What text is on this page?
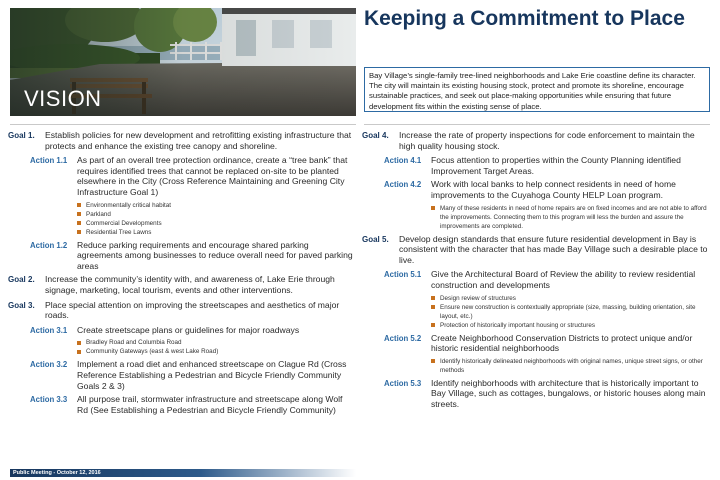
VISION
Keeping a Commitment to Place

Bay Village’s single-family tree-lined neighborhoods and Lake Erie coastline define its character. The city will maintain its existing housing stock, protect and promote its shoreline, encourage sustainable practices, and seek out place-making opportunities while ensuring that future development fits within the existing sense of place.

Goal 1.	Establish policies for new development and retrofitting existing infrastructure that protects and enhance the existing tree canopy and shoreline.
Action 1.1	As part of an overall tree protection ordinance, create a “tree bank” that requires identified trees that cannot be replaced on-site to be planted elsewhere in the City (Cross Reference Maintaining and Greening City Infrastructure Goal 1)
Environmentally critical habitat
Parkland
Commercial Developments
Residential Tree Lawns
Action 1.2	Reduce parking requirements and encourage shared parking agreements among businesses to reduce overall need for paved parking areas
Goal 2.	Increase the community’s identity with, and awareness of, Lake Erie through signage, marketing, local tourism, events and other interventions.
Goal 3.	Place special attention on improving the streetscapes and aesthetics of major roads.
Action 3.1	Create streetscape plans or guidelines for major roadways
Bradley Road and Columbia Road
Community Gateways (east & west Lake Road)
Action 3.2	Implement a road diet and enhanced streetscape on Clague Rd (Cross Reference Establishing a Pedestrian and Bicycle Friendly Community Goals 2 & 3)
Action 3.3	All purpose trail, stormwater infrastructure and streetscape along Wolf Rd (See Establishing a Pedestrian and Bicycle Friendly Community)
Goal 4.	Increase the rate of property inspections for code enforcement to maintain the high quality housing stock.
Action 4.1	Focus attention to properties within the County Planning identified Improvement Target Areas.
Action 4.2	Work with local banks to help connect residents in need of home improvements to the Cuyahoga County HELP Loan program.
Many of these residents in need of home repairs are on fixed incomes and are not able to afford the improvements. Connecting them to this program will less the burden and assure the improvements are completed.
Goal 5.	Develop design standards that ensure future residential development in Bay is consistent with the character that has made Bay Village such a desirable place to live.
Action 5.1	Give the Architectural Board of Review the ability to review residential construction and developments
Design review of structures
Ensure new construction is contextually appropriate (size, massing, building orientation, site layout, etc.)
Protection of historically important housing or structures
Action 5.2	Create Neighborhood Conservation Districts to protect unique and/or historic residential neighborhoods
Identify historically delineated neighborhoods with original names, unique street signs, or other methods
Action 5.3	Identify neighborhoods with architecture that is historically important to Bay Village, such as cottages, bungalows, or historic houses along main streets.
Public Meeting - October 12, 2016
